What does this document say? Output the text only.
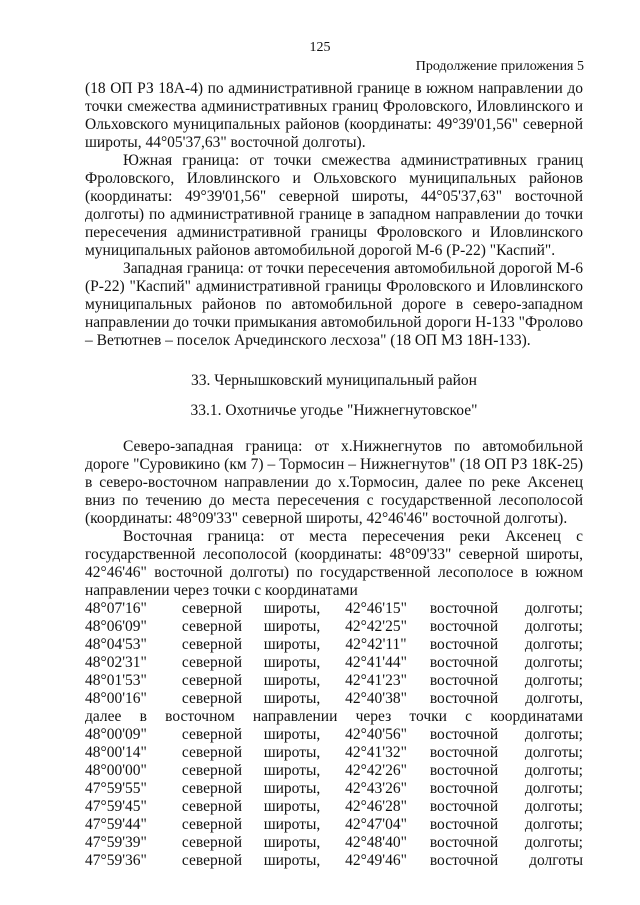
125
Продолжение приложения 5

(18 ОП РЗ 18А-4) по административной границе в южном направлении до точки смежества административных границ Фроловского, Иловлинского и Ольховского муниципальных районов (координаты: 49°39'01,56" северной широты, 44°05'37,63" восточной долготы).

Южная граница: от точки смежества административных границ Фроловского, Иловлинского и Ольховского муниципальных районов (координаты: 49°39'01,56" северной широты, 44°05'37,63" восточной долготы) по административной границе в западном направлении до точки пересечения административной границы Фроловского и Иловлинского муниципальных районов автомобильной дорогой М-6 (Р-22) "Каспий".

Западная граница: от точки пересечения автомобильной дорогой М-6 (Р-22) "Каспий" административной границы Фроловского и Иловлинского муниципальных районов по автомобильной дороге в северо-западном направлении до точки примыкания автомобильной дороги Н-133 "Фролово – Ветютнев – поселок Арчединского лесхоза" (18 ОП МЗ 18Н-133).

33. Чернышковский муниципальный район
33.1. Охотничье угодье "Нижнегнутовское"

Северо-западная граница: от х.Нижнегнутов по автомобильной дороге "Суровикино (км 7) – Тормосин – Нижнегнутов" (18 ОП РЗ 18К-25) в северо-восточном направлении до х.Тормосин, далее по реке Аксенец вниз по течению до места пересечения с государственной лесополосой (координаты: 48°09'33" северной широты, 42°46'46" восточной долготы).

Восточная граница: от места пересечения реки Аксенец с государственной лесополосой (координаты: 48°09'33" северной широты, 42°46'46" восточной долготы) по государственной лесополосе в южном направлении через точки с координатами

48°07'16"	северной	широты,	42°46'15"	восточной	долготы;
48°06'09"	северной	широты,	42°42'25"	восточной	долготы;
48°04'53"	северной	широты,	42°42'11"	восточной	долготы;
48°02'31"	северной	широты,	42°41'44"	восточной	долготы;
48°01'53"	северной	широты,	42°41'23"	восточной	долготы;
48°00'16"	северной	широты,	42°40'38"	восточной	долготы,
далее в восточном направлении через точки с координатами
48°00'09"	северной	широты,	42°40'56"	восточной	долготы;
48°00'14"	северной	широты,	42°41'32"	восточной	долготы;
48°00'00"	северной	широты,	42°42'26"	восточной	долготы;
47°59'55"	северной	широты,	42°43'26"	восточной	долготы;
47°59'45"	северной	широты,	42°46'28"	восточной	долготы;
47°59'44"	северной	широты,	42°47'04"	восточной	долготы;
47°59'39"	северной	широты,	42°48'40"	восточной	долготы;
47°59'36"	северной	широты,	42°49'46"	восточной	долготы
